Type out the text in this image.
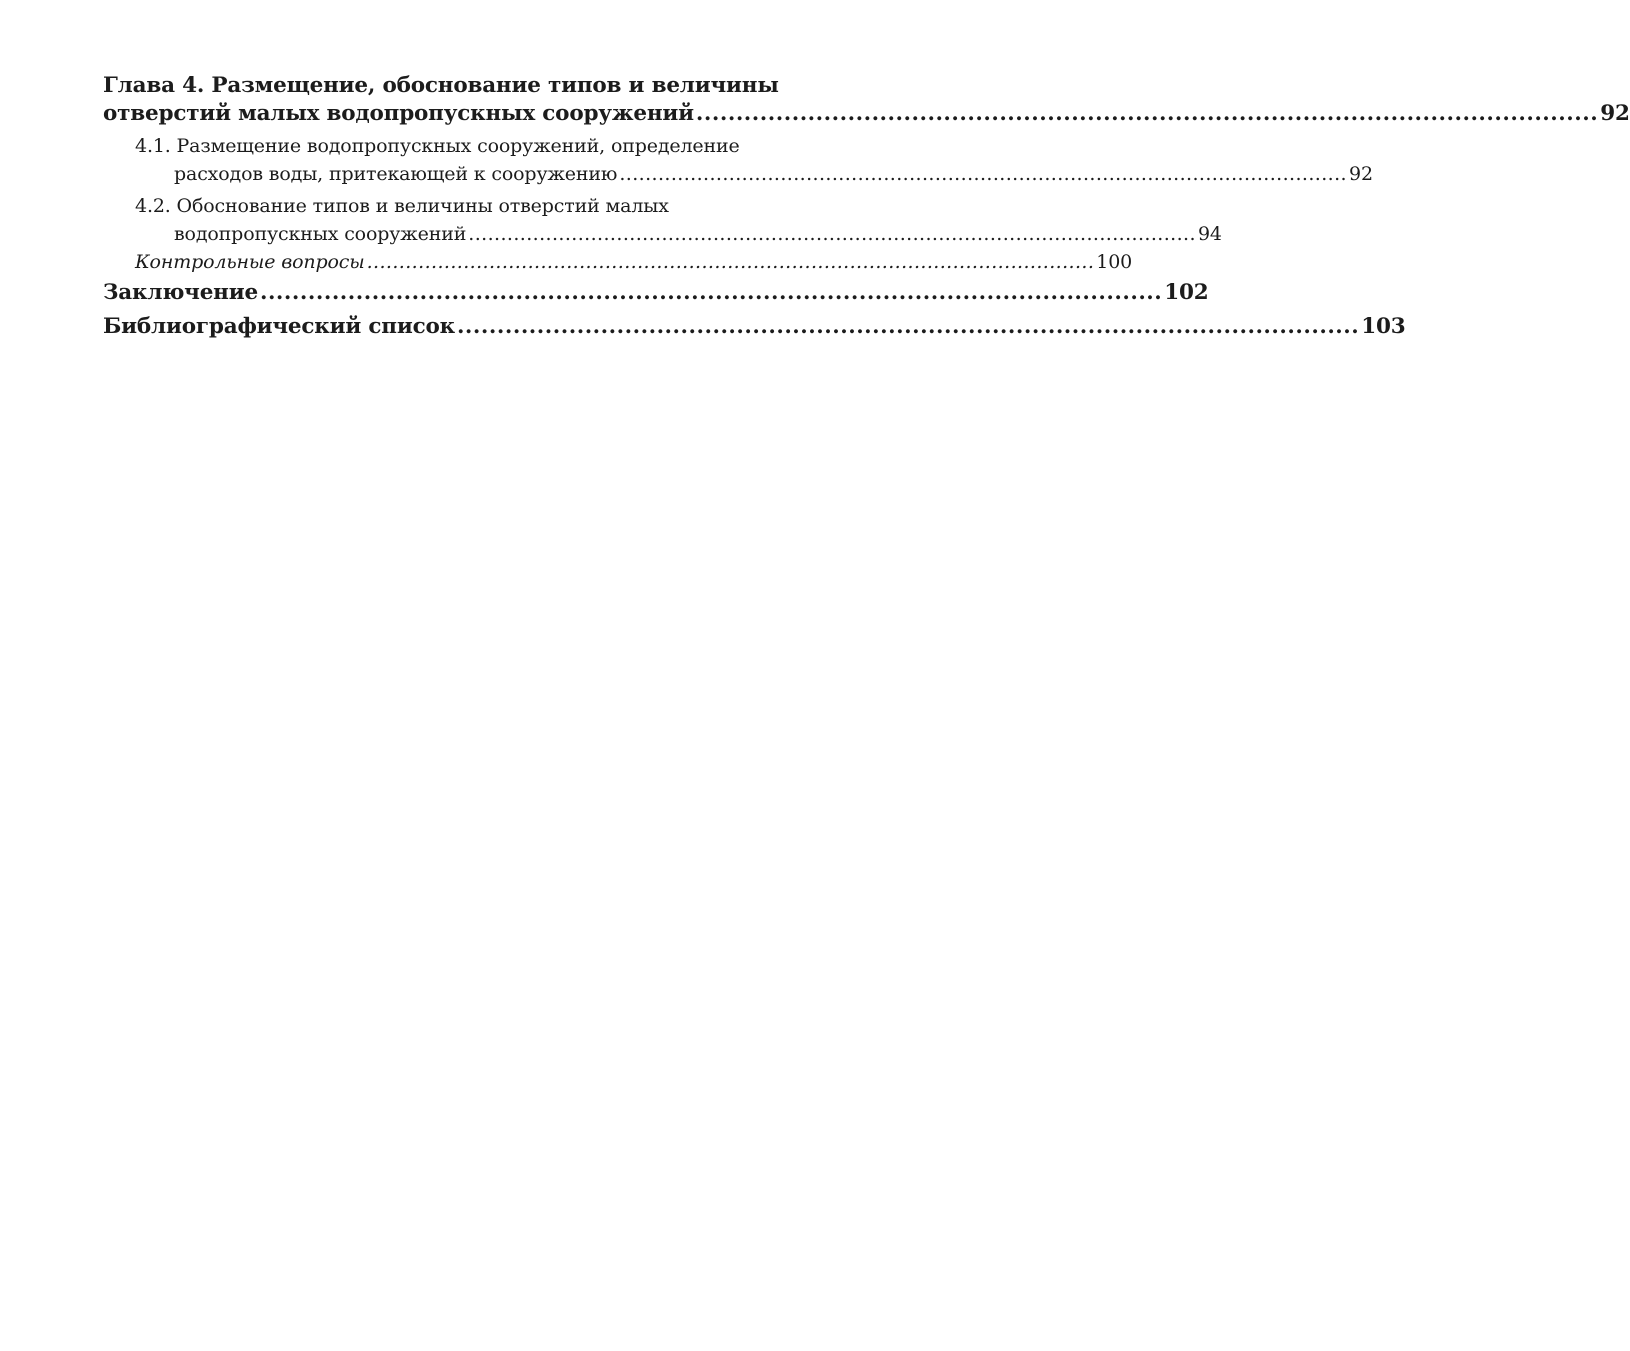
Глава 4. Размещение, обоснование типов и величины
отверстий малых водопропускных сооружений ................................................................................................................. 92
4.1. Размещение водопропускных сооружений, определение
расходов воды, притекающей к сооружению ................................................................................................................. 92
4.2. Обоснование типов и величины отверстий малых
водопропускных сооружений ................................................................................................................. 94
Контрольные вопросы ................................................................................................................. 100
Заключение ................................................................................................................. 102
Библиографический список ................................................................................................................. 103
